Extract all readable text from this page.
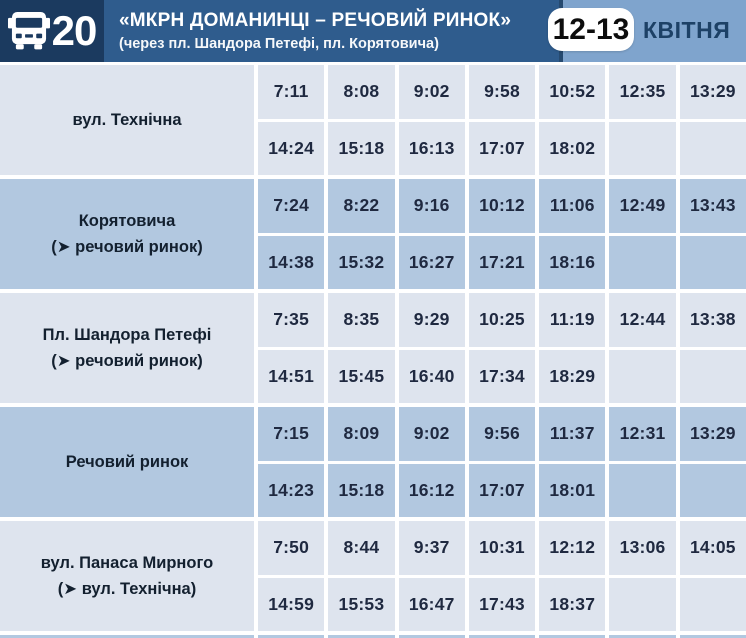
20 «МКРН ДОМАНИНЦІ – РЕЧОВИЙ РИНОК»
(через пл. Шандора Петефі, пл. Корятовича)	12-13 КВІТНЯ
вул. Технічна
7:11	8:08	9:02	9:58	10:52	12:35	13:29
14:24	15:18	16:13	17:07	18:02
Корятовича
(➤ речовий ринок)
7:24	8:22	9:16	10:12	11:06	12:49	13:43
14:38	15:32	16:27	17:21	18:16
Пл. Шандора Петефі
(➤ речовий ринок)
7:35	8:35	9:29	10:25	11:19	12:44	13:38
14:51	15:45	16:40	17:34	18:29
Речовий ринок
7:15	8:09	9:02	9:56	11:37	12:31	13:29
14:23	15:18	16:12	17:07	18:01
вул. Панаса Мирного
(➤ вул. Технічна)
7:50	8:44	9:37	10:31	12:12	13:06	14:05
14:59	15:53	16:47	17:43	18:37
